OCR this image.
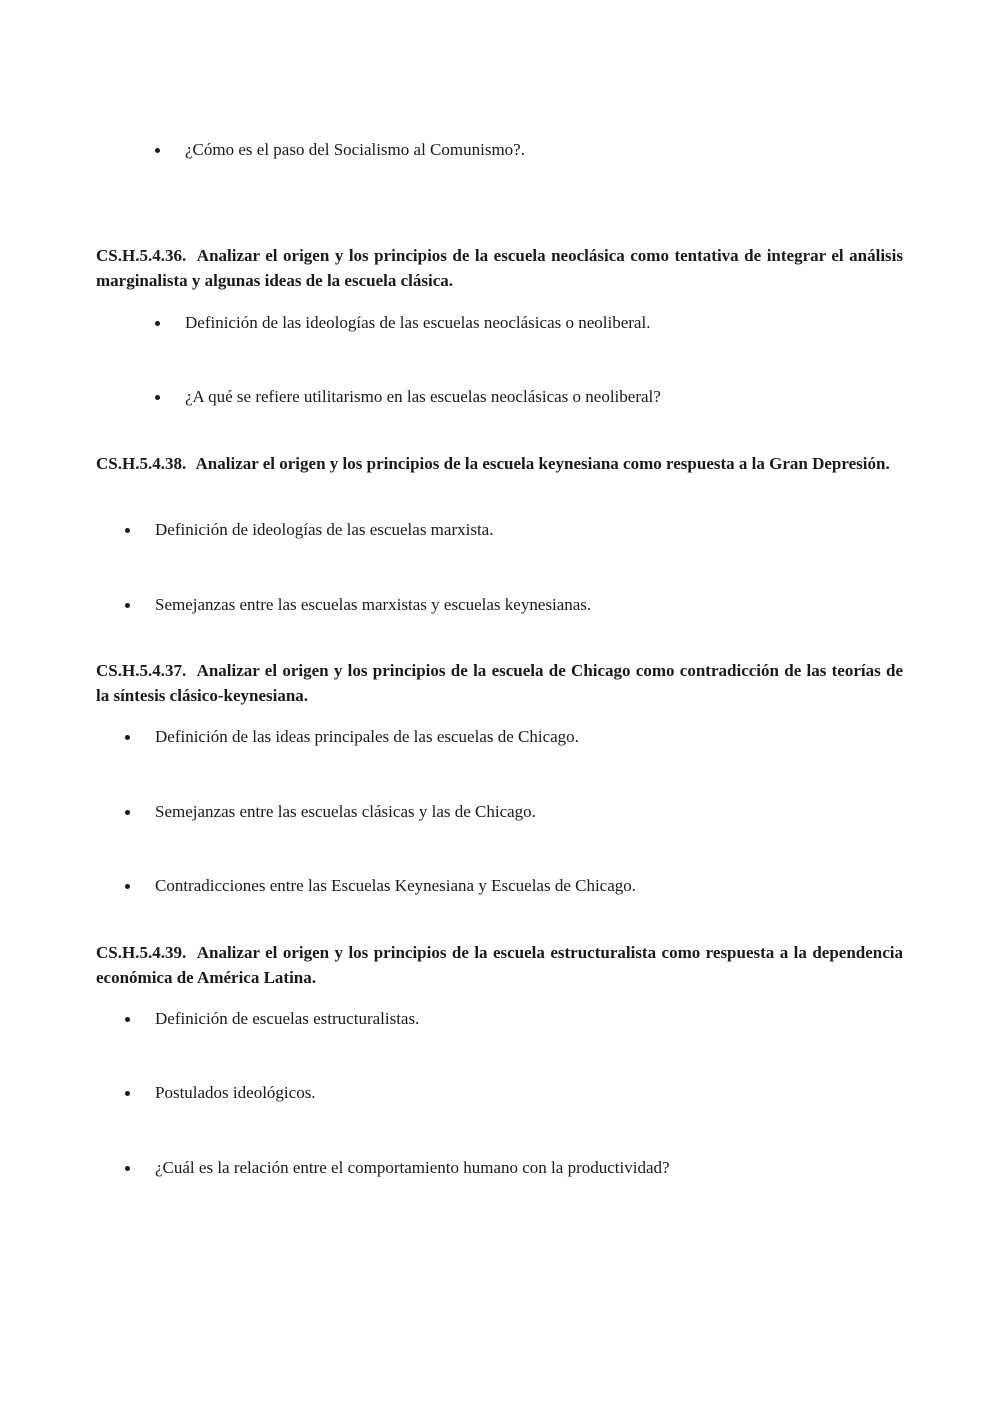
¿Cómo es el paso del Socialismo al Comunismo?.
CS.H.5.4.36. Analizar el origen y los principios de la escuela neoclásica como tentativa de integrar el análisis marginalista y algunas ideas de la escuela clásica.
Definición de las ideologías de las escuelas neoclásicas o neoliberal.
¿A qué se refiere utilitarismo en las escuelas neoclásicas o neoliberal?
CS.H.5.4.38. Analizar el origen y los principios de la escuela keynesiana como respuesta a la Gran Depresión.
Definición de ideologías de las escuelas marxista.
Semejanzas entre las escuelas marxistas y escuelas keynesianas.
CS.H.5.4.37. Analizar el origen y los principios de la escuela de Chicago como contradicción de las teorías de la síntesis clásico-keynesiana.
Definición de las ideas principales de las escuelas de Chicago.
Semejanzas entre las escuelas clásicas y las de Chicago.
Contradicciones entre las Escuelas Keynesiana y Escuelas de Chicago.
CS.H.5.4.39. Analizar el origen y los principios de la escuela estructuralista como respuesta a la dependencia económica de América Latina.
Definición de escuelas estructuralistas.
Postulados ideológicos.
¿Cuál es la relación entre el comportamiento humano con la productividad?
